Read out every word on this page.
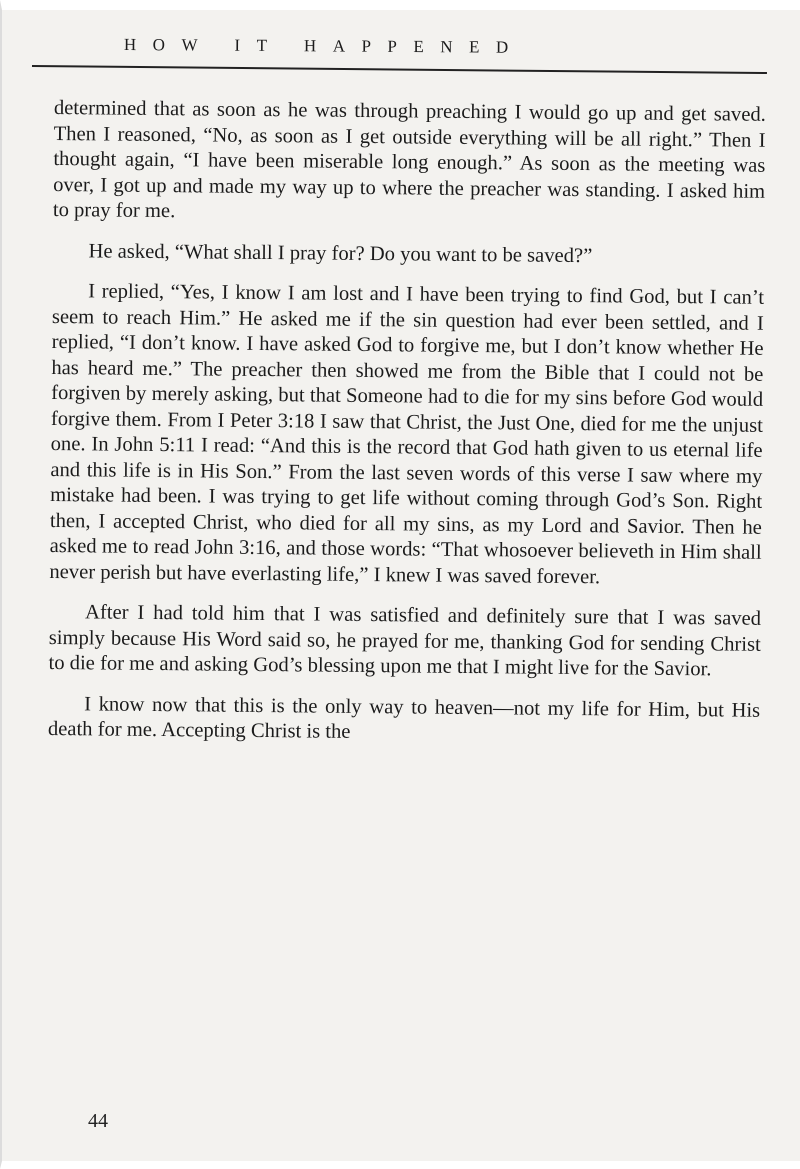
HOW IT HAPPENED

determined that as soon as he was through preaching I would go up and get saved. Then I reasoned, “No, as soon as I get outside everything will be all right.” Then I thought again, “I have been miserable long enough.” As soon as the meeting was over, I got up and made my way up to where the preacher was standing. I asked him to pray for me.

He asked, “What shall I pray for? Do you want to be saved?”

I replied, “Yes, I know I am lost and I have been trying to find God, but I can’t seem to reach Him.” He asked me if the sin question had ever been settled, and I replied, “I don’t know. I have asked God to forgive me, but I don’t know whether He has heard me.” The preacher then showed me from the Bible that I could not be forgiven by merely asking, but that Someone had to die for my sins before God would forgive them. From I Peter 3:18 I saw that Christ, the Just One, died for me the unjust one. In John 5:11 I read: “And this is the record that God hath given to us eternal life and this life is in His Son.” From the last seven words of this verse I saw where my mistake had been. I was trying to get life without coming through God’s Son. Right then, I accepted Christ, who died for all my sins, as my Lord and Savior. Then he asked me to read John 3:16, and those words: “That whosoever believeth in Him shall never perish but have everlasting life,” I knew I was saved forever.

After I had told him that I was satisfied and definitely sure that I was saved simply because His Word said so, he prayed for me, thanking God for sending Christ to die for me and asking God’s blessing upon me that I might live for the Savior.

I know now that this is the only way to heaven—not my life for Him, but His death for me. Accepting Christ is the

44
